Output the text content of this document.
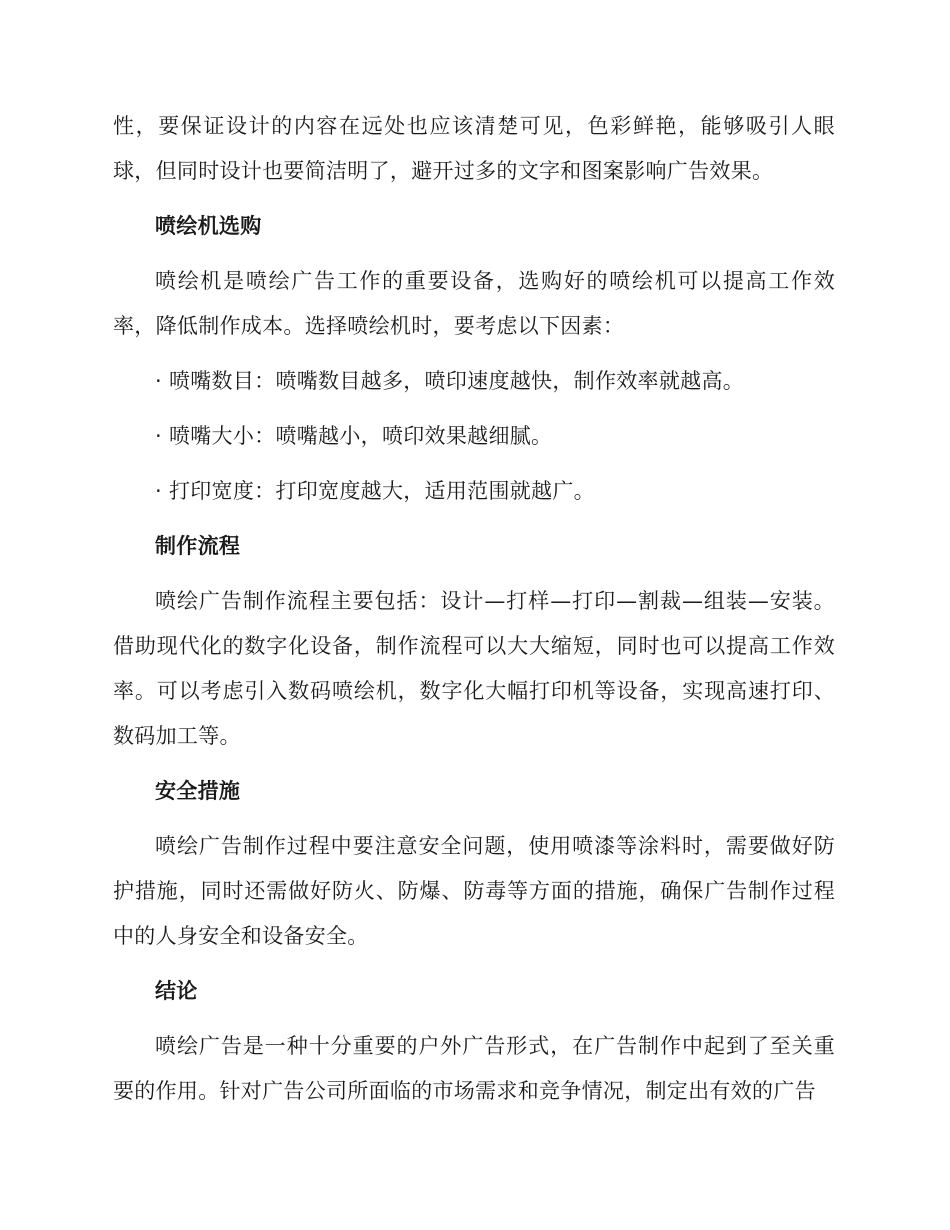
性，要保证设计的内容在远处也应该清楚可见，色彩鲜艳，能够吸引人眼球，但同时设计也要简洁明了，避开过多的文字和图案影响广告效果。

喷绘机选购

喷绘机是喷绘广告工作的重要设备，选购好的喷绘机可以提高工作效率，降低制作成本。选择喷绘机时，要考虑以下因素：

· 喷嘴数目：喷嘴数目越多，喷印速度越快，制作效率就越高。
· 喷嘴大小：喷嘴越小，喷印效果越细腻。
· 打印宽度：打印宽度越大，适用范围就越广。
制作流程

喷绘广告制作流程主要包括：设计—打样—打印—割裁—组装—安装。借助现代化的数字化设备，制作流程可以大大缩短，同时也可以提高工作效率。可以考虑引入数码喷绘机，数字化大幅打印机等设备，实现高速打印、数码加工等。

安全措施

喷绘广告制作过程中要注意安全问题，使用喷漆等涂料时，需要做好防护措施，同时还需做好防火、防爆、防毒等方面的措施，确保广告制作过程中的人身安全和设备安全。

结论

喷绘广告是一种十分重要的户外广告形式，在广告制作中起到了至关重要的作用。针对广告公司所面临的市场需求和竞争情况，制定出有效的广告
